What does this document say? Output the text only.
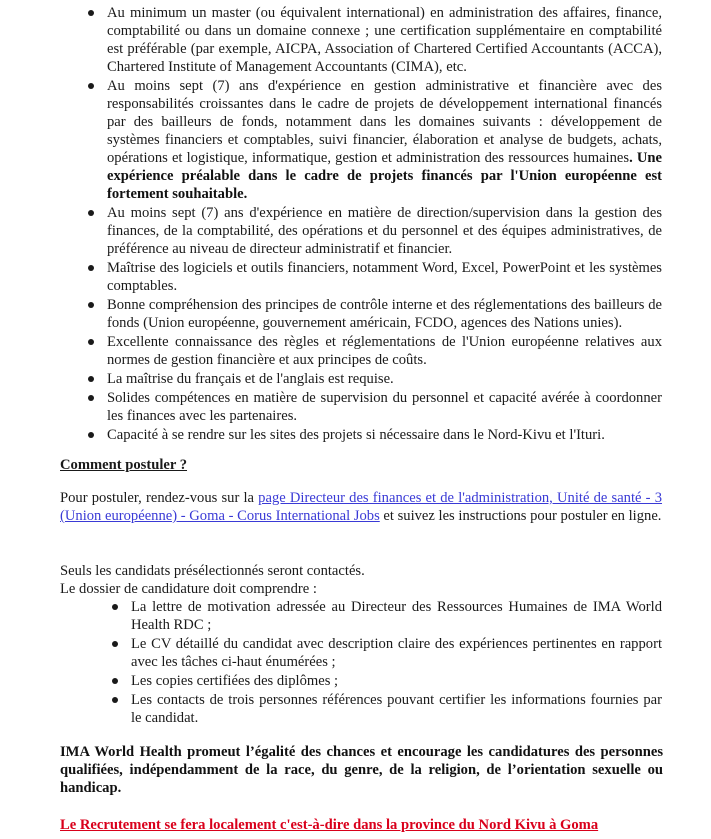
Au minimum un master (ou équivalent international) en administration des affaires, finance, comptabilité ou dans un domaine connexe ; une certification supplémentaire en comptabilité est préférable (par exemple, AICPA, Association of Chartered Certified Accountants (ACCA), Chartered Institute of Management Accountants (CIMA), etc.
Au moins sept (7) ans d'expérience en gestion administrative et financière avec des responsabilités croissantes dans le cadre de projets de développement international financés par des bailleurs de fonds, notamment dans les domaines suivants : développement de systèmes financiers et comptables, suivi financier, élaboration et analyse de budgets, achats, opérations et logistique, informatique, gestion et administration des ressources humaines. Une expérience préalable dans le cadre de projets financés par l'Union européenne est fortement souhaitable.
Au moins sept (7) ans d'expérience en matière de direction/supervision dans la gestion des finances, de la comptabilité, des opérations et du personnel et des équipes administratives, de préférence au niveau de directeur administratif et financier.
Maîtrise des logiciels et outils financiers, notamment Word, Excel, PowerPoint et les systèmes comptables.
Bonne compréhension des principes de contrôle interne et des réglementations des bailleurs de fonds (Union européenne, gouvernement américain, FCDO, agences des Nations unies).
Excellente connaissance des règles et réglementations de l'Union européenne relatives aux normes de gestion financière et aux principes de coûts.
La maîtrise du français et de l'anglais est requise.
Solides compétences en matière de supervision du personnel et capacité avérée à coordonner les finances avec les partenaires.
Capacité à se rendre sur les sites des projets si nécessaire dans le Nord-Kivu et l'Ituri.
Comment postuler ?

Pour postuler, rendez-vous sur la page Directeur des finances et de l'administration, Unité de santé - 3 (Union européenne) - Goma - Corus International Jobs et suivez les instructions pour postuler en ligne.

Seuls les candidats présélectionnés seront contactés.
Le dossier de candidature doit comprendre :

La lettre de motivation adressée au Directeur des Ressources Humaines de IMA World Health RDC ;
Le CV détaillé du candidat avec description claire des expériences pertinentes en rapport avec les tâches ci-haut énumérées ;
Les copies certifiées des diplômes ;
Les contacts de trois personnes références pouvant certifier les informations fournies par le candidat.

IMA World Health promeut l’égalité des chances et encourage les candidatures des personnes qualifiées, indépendamment de la race, du genre, de la religion, de l’orientation sexuelle ou handicap.

Le Recrutement se fera localement c'est-à-dire dans la province du Nord Kivu à Goma
